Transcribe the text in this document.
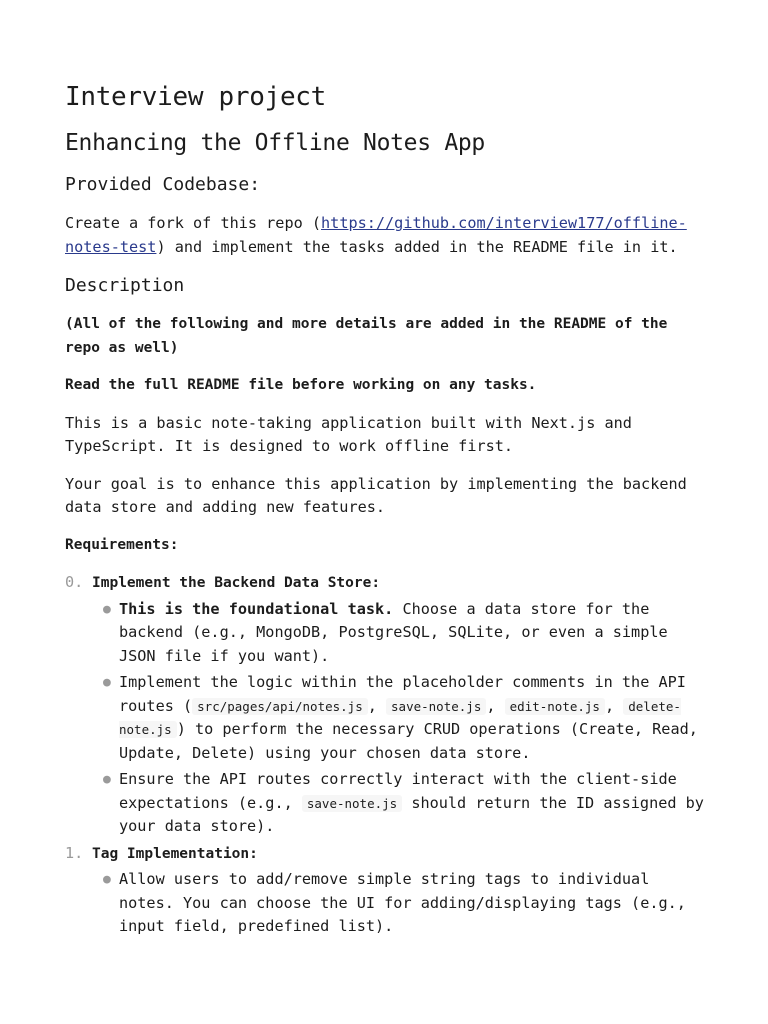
Interview project
Enhancing the Offline Notes App
Provided Codebase:

Create a fork of this repo (https://github.com/interview177/offline-notes-test) and implement the tasks added in the README file in it.

Description

(All of the following and more details are added in the README of the repo as well)

Read the full README file before working on any tasks.

This is a basic note-taking application built with Next.js and TypeScript. It is designed to work offline first.

Your goal is to enhance this application by implementing the backend data store and adding new features.

Requirements:

0. Implement the Backend Data Store:
● This is the foundational task. Choose a data store for the backend (e.g., MongoDB, PostgreSQL, SQLite, or even a simple JSON file if you want).
● Implement the logic within the placeholder comments in the API routes ( src/pages/api/notes.js , save-note.js , edit-note.js , delete-note.js ) to perform the necessary CRUD operations (Create, Read, Update, Delete) using your chosen data store.
● Ensure the API routes correctly interact with the client-side expectations (e.g., save-note.js should return the ID assigned by your data store).
1. Tag Implementation:
● Allow users to add/remove simple string tags to individual notes. You can choose the UI for adding/displaying tags (e.g., input field, predefined list).
